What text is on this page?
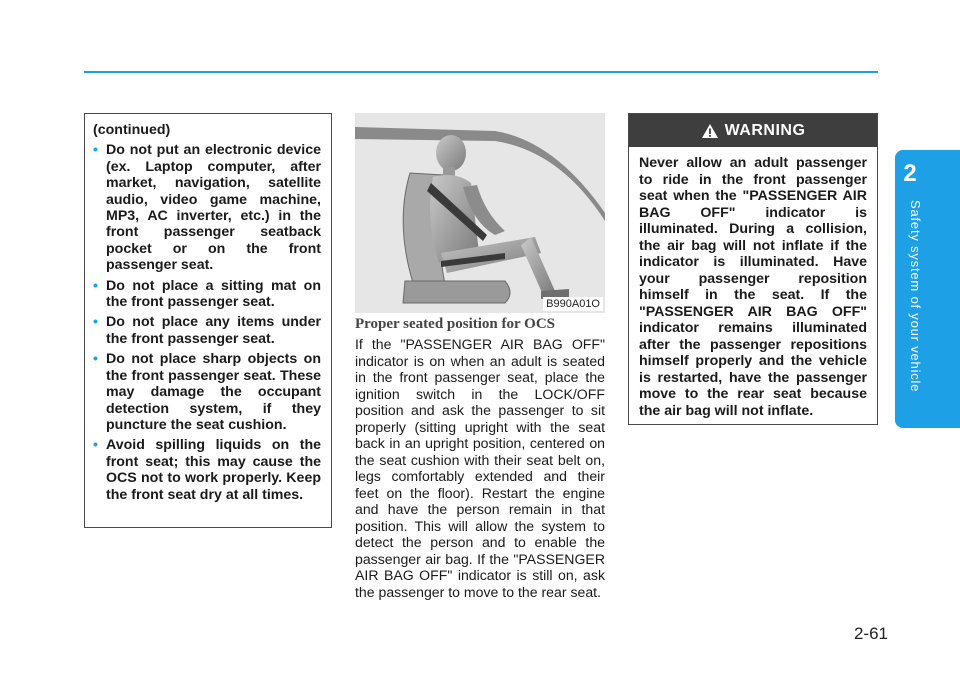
2
Safety system of your vehicle
(continued)
• Do not put an electronic device (ex. Laptop computer, after market, navigation, satellite audio, video game machine, MP3, AC inverter, etc.) in the front passenger seatback pocket or on the front passenger seat.
• Do not place a sitting mat on the front passenger seat.
• Do not place any items under the front passenger seat.
• Do not place sharp objects on the front passenger seat. These may damage the occupant detection system, if they puncture the seat cushion.
• Avoid spilling liquids on the front seat; this may cause the OCS not to work properly. Keep the front seat dry at all times.
B990A01O
Proper seated position for OCS

If the "PASSENGER AIR BAG OFF" indicator is on when an adult is seated in the front passenger seat, place the ignition switch in the LOCK/OFF position and ask the passenger to sit properly (sitting upright with the seat back in an upright position, centered on the seat cushion with their seat belt on, legs comfortably extended and their feet on the floor). Restart the engine and have the person remain in that position. This will allow the system to detect the person and to enable the passenger air bag. If the "PASSENGER AIR BAG OFF" indicator is still on, ask the passenger to move to the rear seat.

WARNING

Never allow an adult passenger to ride in the front passenger seat when the "PASSENGER AIR BAG OFF" indicator is illuminated. During a collision, the air bag will not inflate if the indicator is illuminated. Have your passenger reposition himself in the seat. If the "PASSENGER AIR BAG OFF" indicator remains illuminated after the passenger repositions himself properly and the vehicle is restarted, have the passenger move to the rear seat because the air bag will not inflate.

2-61
